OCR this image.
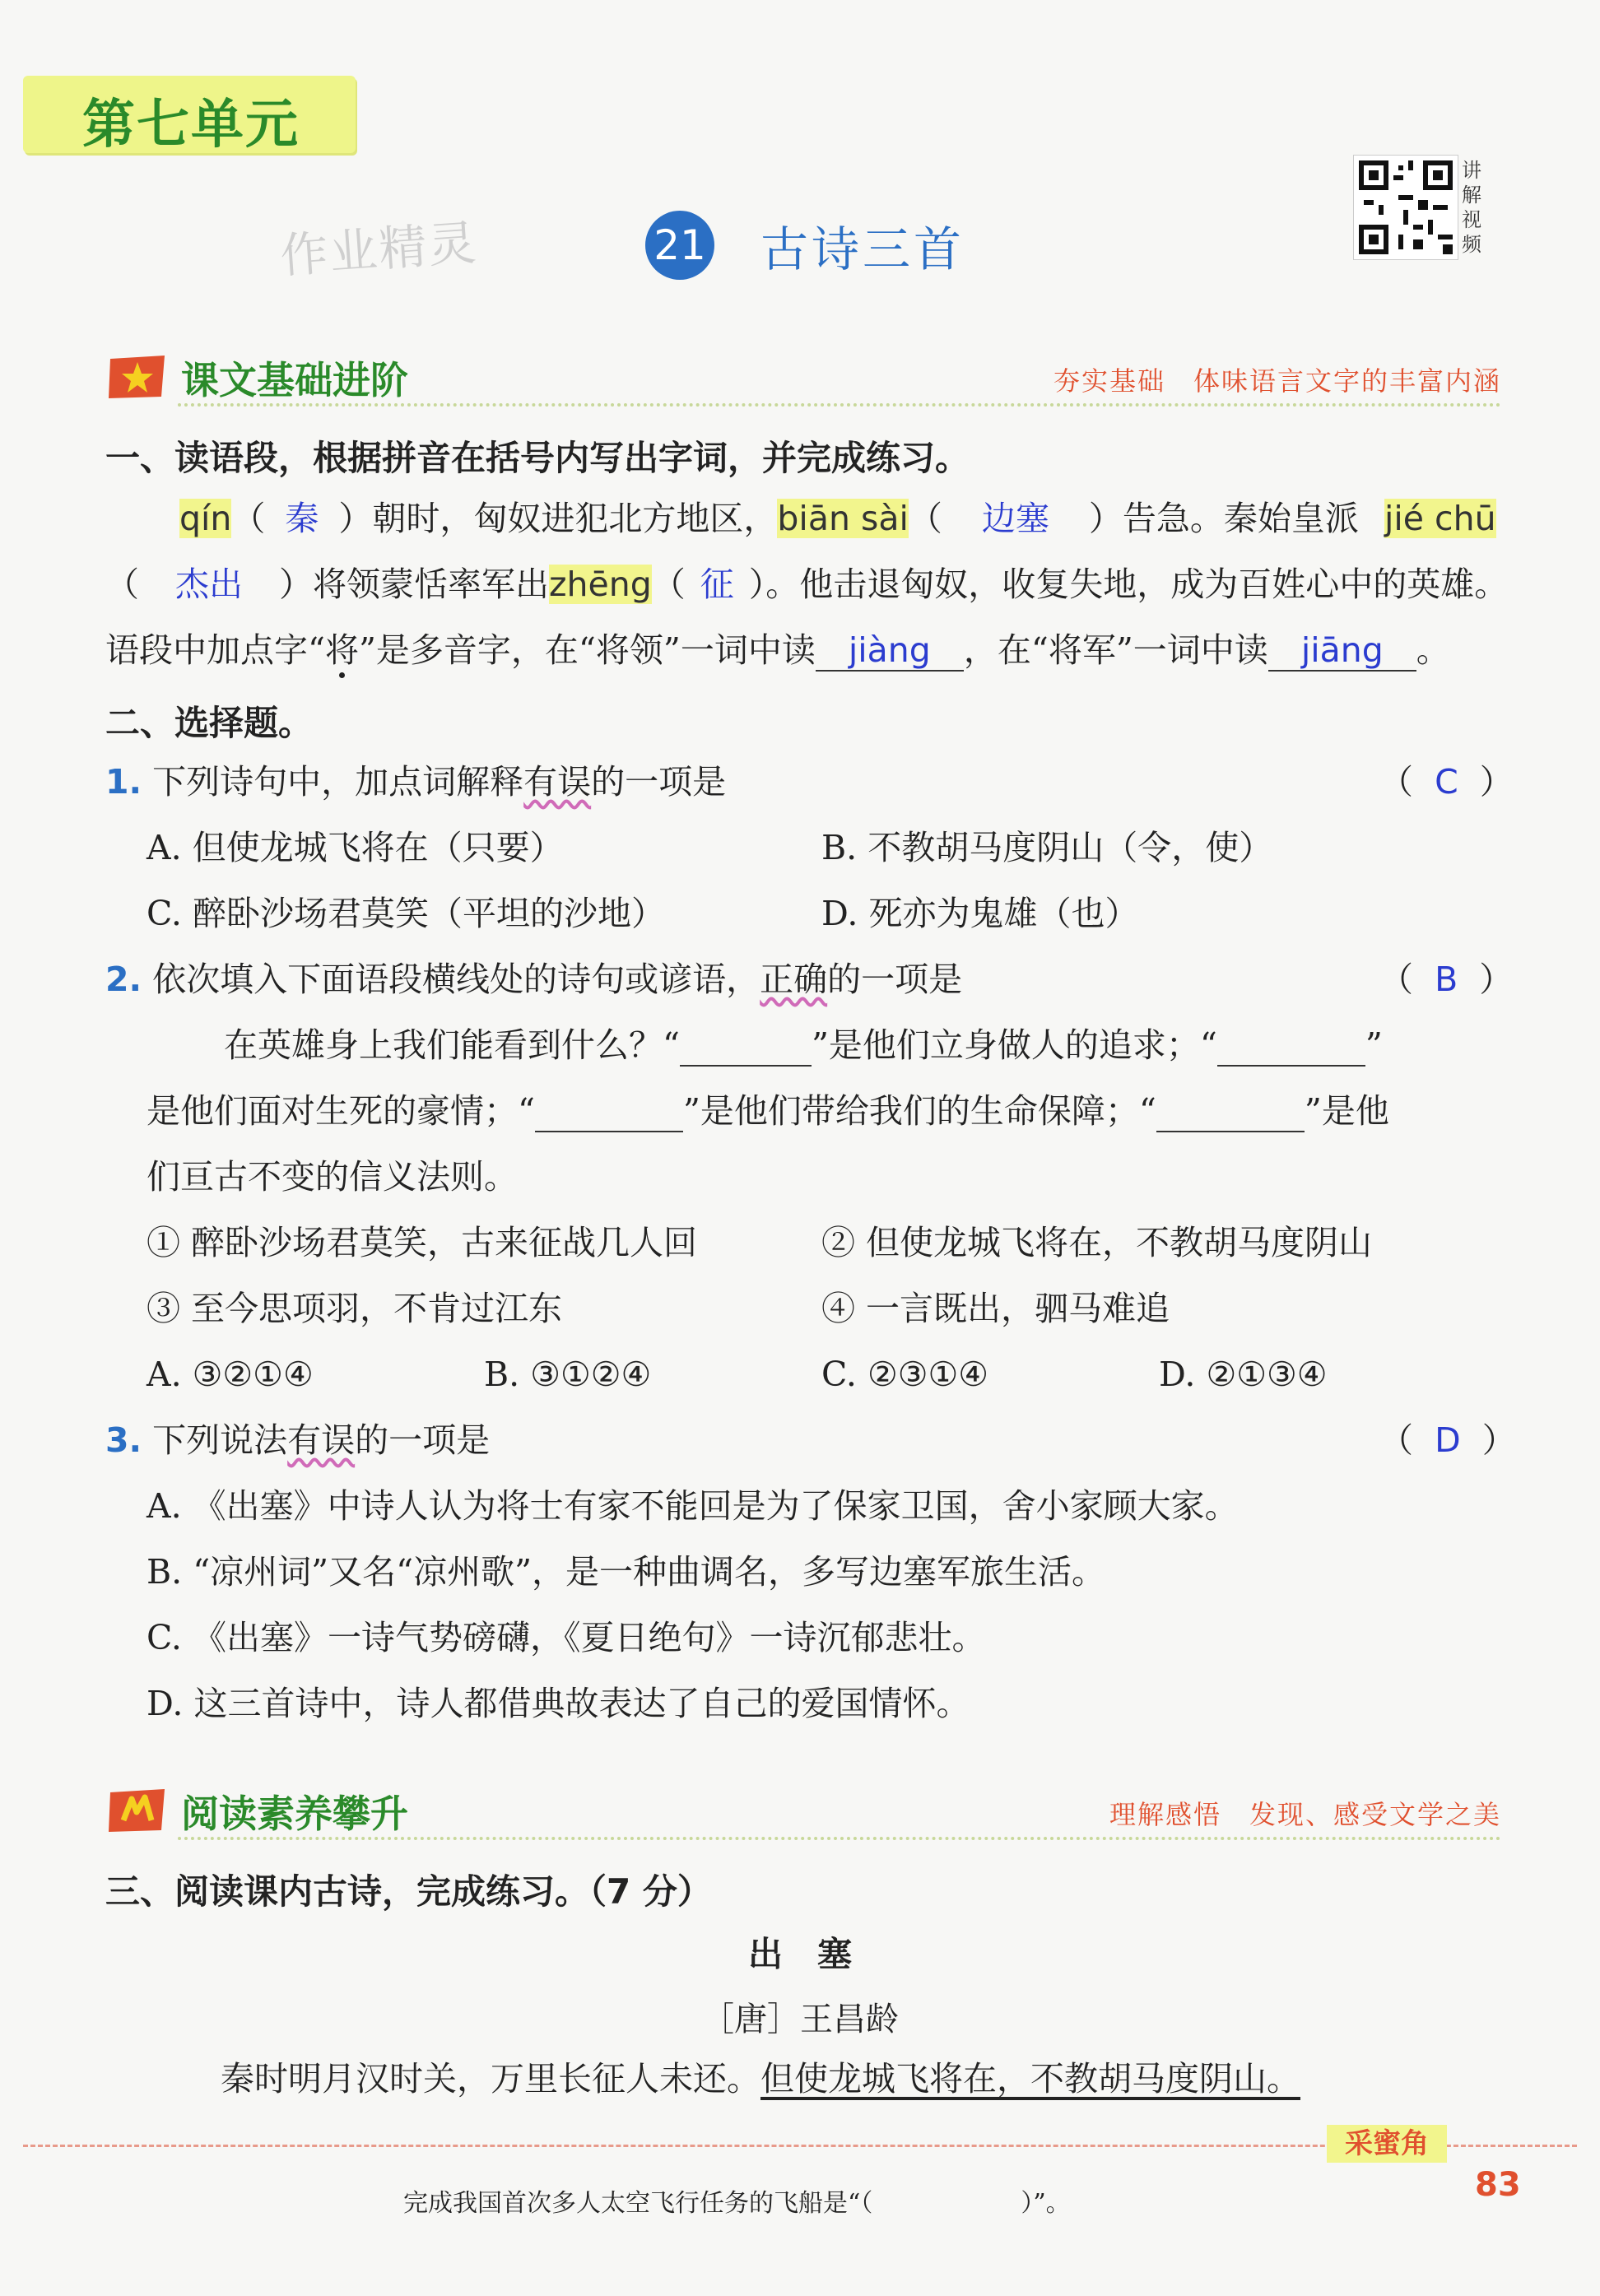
第七单元
作业精灵	21 古诗三首
讲解视频
课文基础进阶	夯实基础　体味语言文字的丰富内涵
一、读语段，根据拼音在括号内写出字词，并完成练习。
qín（ 秦 ）朝时，匈奴进犯北方地区，biān sài（ 边塞 ）告急。秦始皇派 jié chū
（ 杰出 ）将领蒙恬率军出zhēng（ 征 ）。他击退匈奴，收复失地，成为百姓心中的英雄。
语段中加点字“将”是多音字，在“将领”一词中读 jiàng ，在“将军”一词中读 jiāng 。
二、选择题。
1. 下列诗句中，加点词解释有误的一项是	（  C  ）
A. 但使龙城飞将在（只要）	B. 不教胡马度阴山（令，使）
C. 醉卧沙场君莫笑（平坦的沙地）	D. 死亦为鬼雄（也）
2. 依次填入下面语段横线处的诗句或谚语，正确的一项是	（  B  ）
在英雄身上我们能看到什么？“	”是他们立身做人的追求；“	”
是他们面对生死的豪情；“	”是他们带给我们的生命保障；“	”是他
们亘古不变的信义法则。
① 醉卧沙场君莫笑，古来征战几人回	② 但使龙城飞将在，不教胡马度阴山
③ 至今思项羽，不肯过江东	④ 一言既出，驷马难追
A. ③②①④	B. ③①②④	C. ②③①④	D. ②①③④
3. 下列说法有误的一项是	（  D  ）
A. 《出塞》中诗人认为将士有家不能回是为了保家卫国，舍小家顾大家。
B. “凉州词”又名“凉州歌”，是一种曲调名，多写边塞军旅生活。
C. 《出塞》一诗气势磅礴，《夏日绝句》一诗沉郁悲壮。
D. 这三首诗中，诗人都借典故表达了自己的爱国情怀。
阅读素养攀升	理解感悟　发现、感受文学之美
三、阅读课内古诗，完成练习。（7 分）
出　塞
［唐］王昌龄
秦时明月汉时关，万里长征人未还。但使龙城飞将在，不教胡马度阴山。
采蜜角
完成我国首次多人太空飞行任务的飞船是“（　　　　　　）”。	83
